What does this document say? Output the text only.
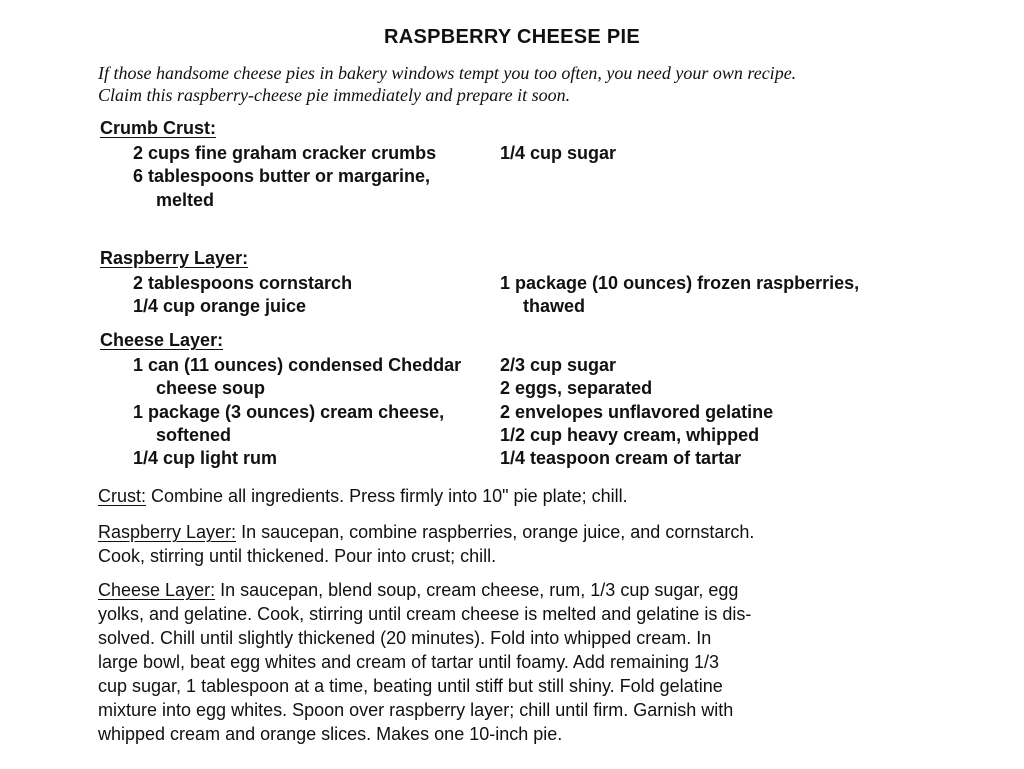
RASPBERRY CHEESE PIE
If those handsome cheese pies in bakery windows tempt you too often, you need your own recipe.
Claim this raspberry-cheese pie immediately and prepare it soon.
Crumb Crust:
2 cups fine graham cracker crumbs
6 tablespoons butter or margarine, melted
1/4 cup sugar
Raspberry Layer:
2 tablespoons cornstarch
1/4 cup orange juice
1 package (10 ounces) frozen raspberries, thawed
Cheese Layer:
1 can (11 ounces) condensed Cheddar cheese soup
1 package (3 ounces) cream cheese, softened
1/4 cup light rum
2/3 cup sugar
2 eggs, separated
2 envelopes unflavored gelatine
1/2 cup heavy cream, whipped
1/4 teaspoon cream of tartar
Crust: Combine all ingredients. Press firmly into 10" pie plate; chill.
Raspberry Layer: In saucepan, combine raspberries, orange juice, and cornstarch.
Cook, stirring until thickened. Pour into crust; chill.
Cheese Layer: In saucepan, blend soup, cream cheese, rum, 1/3 cup sugar, egg
yolks, and gelatine. Cook, stirring until cream cheese is melted and gelatine is dis-
solved. Chill until slightly thickened (20 minutes). Fold into whipped cream. In
large bowl, beat egg whites and cream of tartar until foamy. Add remaining 1/3
cup sugar, 1 tablespoon at a time, beating until stiff but still shiny. Fold gelatine
mixture into egg whites. Spoon over raspberry layer; chill until firm. Garnish with
whipped cream and orange slices. Makes one 10-inch pie.
